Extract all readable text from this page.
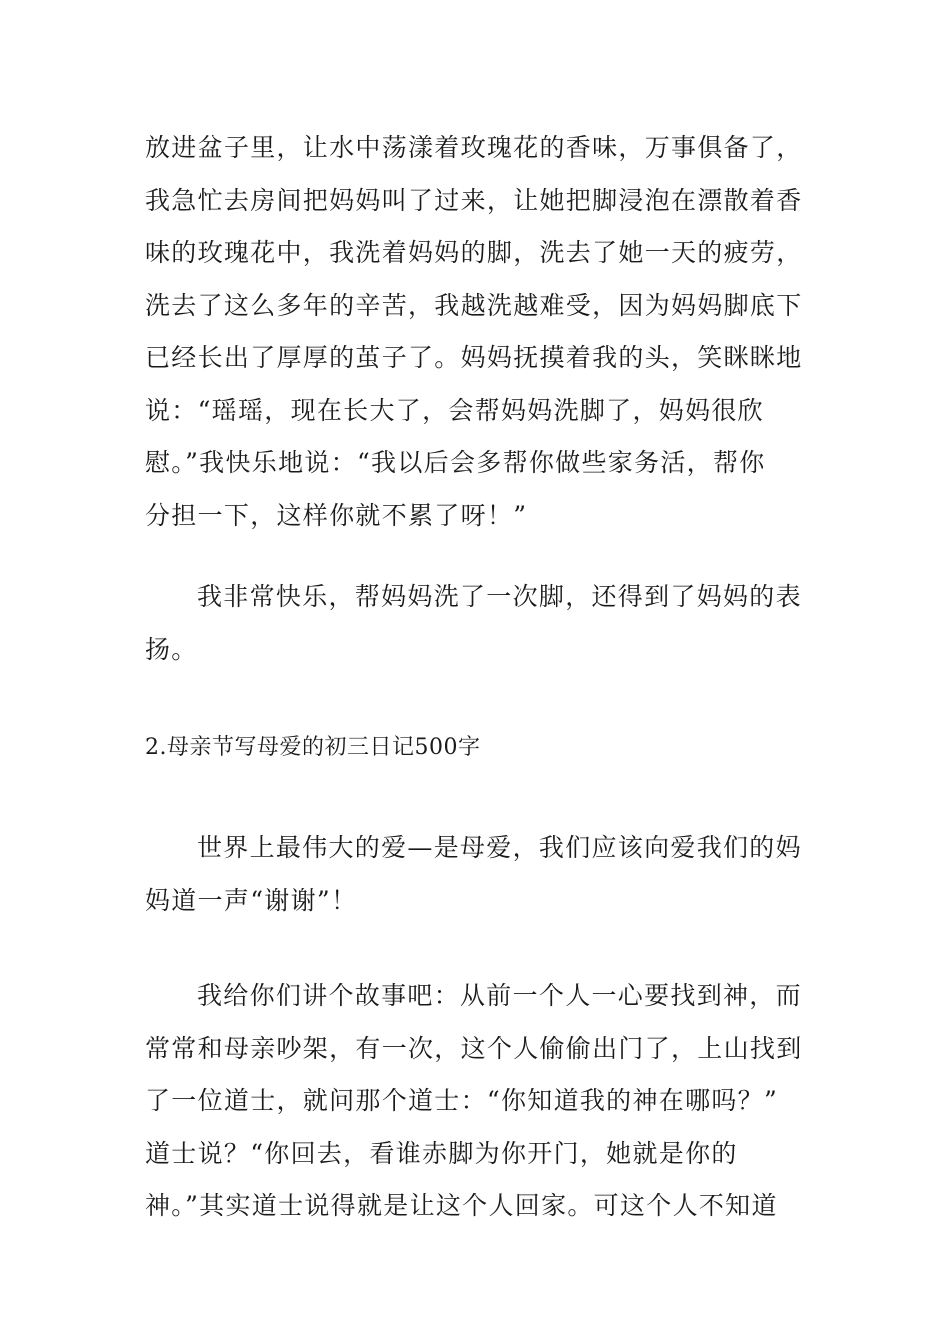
放进盆子里，让水中荡漾着玫瑰花的香味，万事俱备了，
我急忙去房间把妈妈叫了过来，让她把脚浸泡在漂散着香
味的玫瑰花中，我洗着妈妈的脚，洗去了她一天的疲劳，
洗去了这么多年的辛苦，我越洗越难受，因为妈妈脚底下
已经长出了厚厚的茧子了。妈妈抚摸着我的头，笑眯眯地
说：“瑶瑶，现在长大了，会帮妈妈洗脚了，妈妈很欣
慰。”我快乐地说：“我以后会多帮你做些家务活，帮你
分担一下，这样你就不累了呀！”
我非常快乐，帮妈妈洗了一次脚，还得到了妈妈的表
扬。
2.母亲节写母爱的初三日记500字
世界上最伟大的爱—是母爱，我们应该向爱我们的妈
妈道一声“谢谢”！
我给你们讲个故事吧：从前一个人一心要找到神，而
常常和母亲吵架，有一次，这个人偷偷出门了，上山找到
了一位道士，就问那个道士：“你知道我的神在哪吗？”
道士说？“你回去，看谁赤脚为你开门，她就是你的
神。”其实道士说得就是让这个人回家。可这个人不知道
